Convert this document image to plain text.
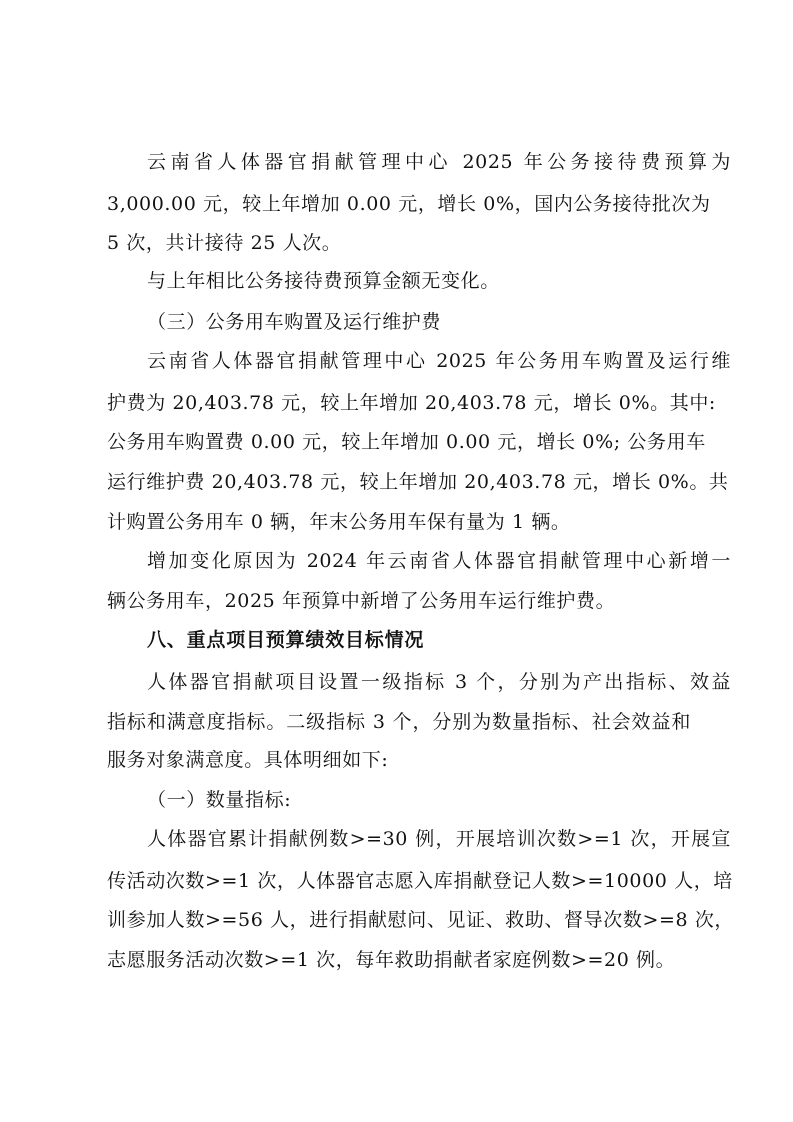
云南省人体器官捐献管理中心 2025 年公务接待费预算为
3,000.00 元，较上年增加 0.00 元，增长 0%，国内公务接待批次为
5 次，共计接待 25 人次。
与上年相比公务接待费预算金额无变化。
（三）公务用车购置及运行维护费
云南省人体器官捐献管理中心 2025 年公务用车购置及运行维
护费为 20,403.78 元，较上年增加 20,403.78 元，增长 0%。其中:
公务用车购置费 0.00 元，较上年增加 0.00 元，增长 0%; 公务用车
运行维护费 20,403.78 元，较上年增加 20,403.78 元，增长 0%。共
计购置公务用车 0 辆，年末公务用车保有量为 1 辆。
增加变化原因为 2024 年云南省人体器官捐献管理中心新增一
辆公务用车，2025 年预算中新增了公务用车运行维护费。
八、重点项目预算绩效目标情况
人体器官捐献项目设置一级指标 3 个，分别为产出指标、效益
指标和满意度指标。二级指标 3 个，分别为数量指标、社会效益和
服务对象满意度。具体明细如下:
（一）数量指标:
人体器官累计捐献例数>=30 例，开展培训次数>=1 次，开展宣
传活动次数>=1 次，人体器官志愿入库捐献登记人数>=10000 人，培
训参加人数>=56 人，进行捐献慰问、见证、救助、督导次数>=8 次，
志愿服务活动次数>=1 次，每年救助捐献者家庭例数>=20 例。
